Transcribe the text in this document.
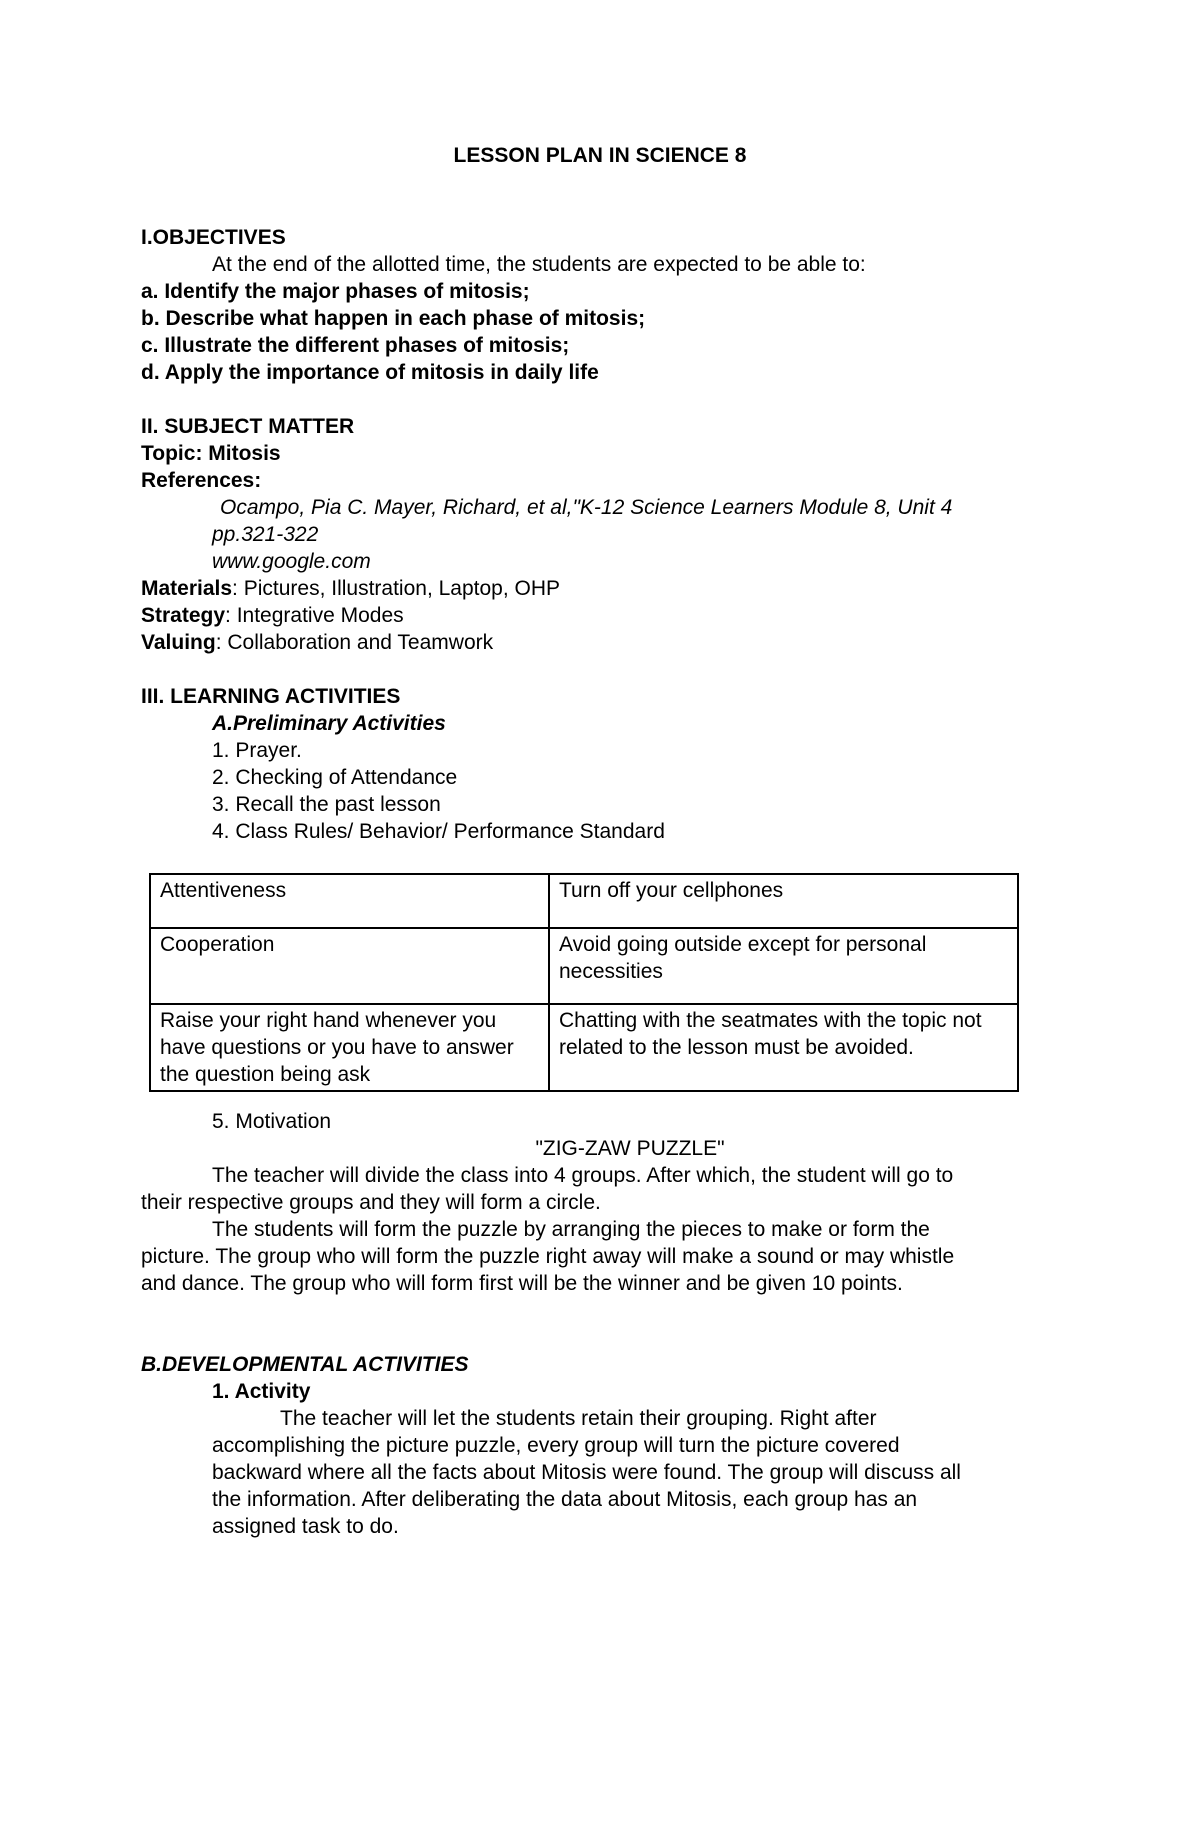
LESSON PLAN IN SCIENCE 8
I.OBJECTIVES
At the end of the allotted time, the students are expected to be able to:
a. Identify the major phases of mitosis;
b. Describe what happen in each phase of mitosis;
c. Illustrate the different phases of mitosis;
d. Apply the importance of mitosis in daily life
II. SUBJECT MATTER
Topic: Mitosis
References:
Ocampo, Pia C. Mayer, Richard, et al,"K-12 Science Learners Module 8, Unit 4
pp.321-322
www.google.com
Materials: Pictures, Illustration, Laptop, OHP
Strategy: Integrative Modes
Valuing: Collaboration and Teamwork
III. LEARNING ACTIVITIES
A.Preliminary Activities
1. Prayer.
2. Checking of Attendance
3. Recall the past lesson
4. Class Rules/ Behavior/ Performance Standard
Attentiveness	Turn off your cellphones
Cooperation	Avoid going outside except for personal necessities
Raise your right hand whenever you have questions or you have to answer the question being ask	Chatting with the seatmates with the topic not related to the lesson must be avoided.
5. Motivation
"ZIG-ZAW PUZZLE"
The teacher will divide the class into 4 groups. After which, the student will go to
their respective groups and they will form a circle.
The students will form the puzzle by arranging the pieces to make or form the
picture. The group who will form the puzzle right away will make a sound or may whistle
and dance. The group who will form first will be the winner and be given 10 points.
B.DEVELOPMENTAL ACTIVITIES
1. Activity
The teacher will let the students retain their grouping. Right after
accomplishing the picture puzzle, every group will turn the picture covered
backward where all the facts about Mitosis were found. The group will discuss all
the information. After deliberating the data about Mitosis, each group has an
assigned task to do.
